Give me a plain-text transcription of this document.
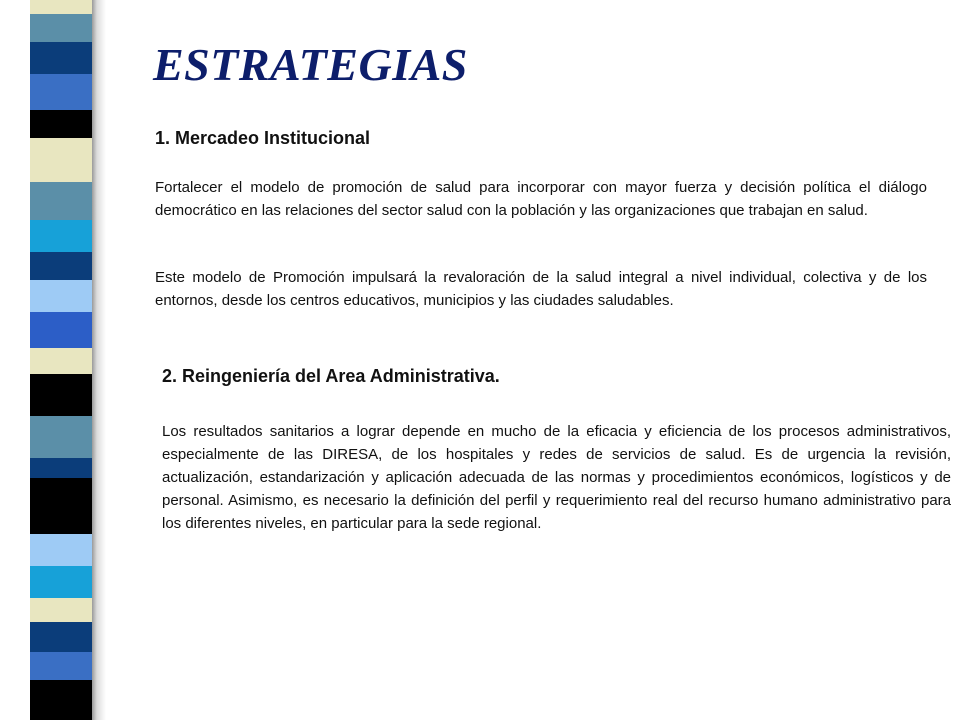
ESTRATEGIAS
1. Mercadeo Institucional

Fortalecer el modelo de promoción de salud para incorporar con mayor fuerza y decisión política el diálogo democrático en las relaciones del sector salud con la población y las organizaciones que trabajan en salud.

Este modelo de Promoción impulsará la revaloración de la salud integral a nivel individual, colectiva y de los entornos, desde los centros educativos, municipios y las ciudades saludables.

2. Reingeniería del Area Administrativa.

Los resultados sanitarios a lograr depende en mucho de la eficacia y eficiencia de los procesos administrativos, especialmente de las DIRESA, de los hospitales y redes de servicios de salud. Es de urgencia la revisión, actualización, estandarización y aplicación adecuada de las normas y procedimientos económicos, logísticos y de personal. Asimismo, es necesario la definición del perfil y requerimiento real del recurso humano administrativo para los diferentes niveles, en particular para la sede regional.
